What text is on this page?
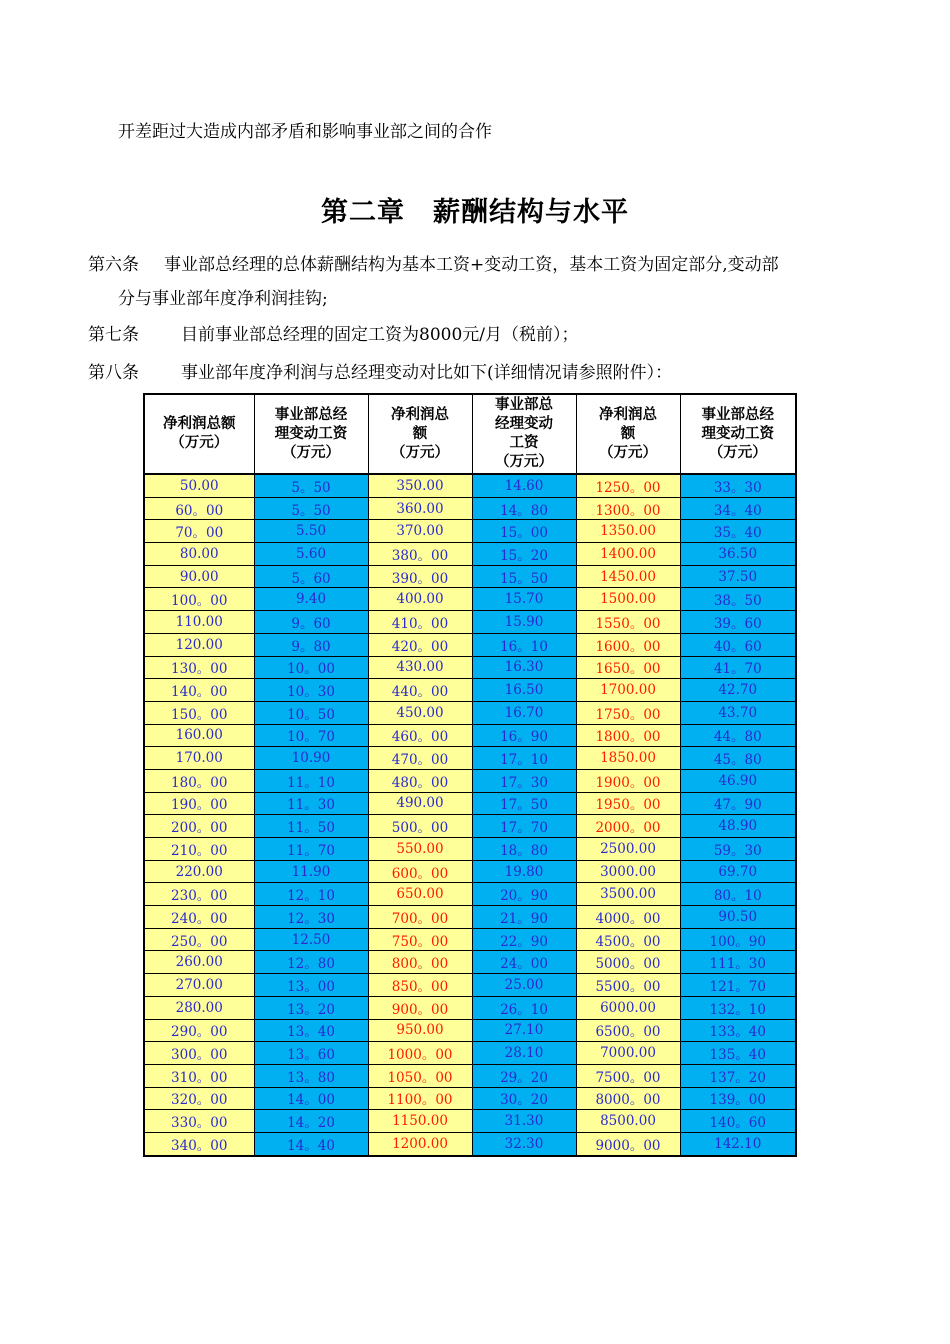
开差距过大造成内部矛盾和影响事业部之间的合作
第二章　薪酬结构与水平
第六条 事业部总经理的总体薪酬结构为基本工资+变动工资，基本工资为固定部分,变动部
分与事业部年度净利润挂钩;
第七条　目前事业部总经理的固定工资为8000元/月（税前）；
第八条　事业部年度净利润与总经理变动对比如下(详细情况请参照附件）：
净利润总额
（万元）	事业部总经
理变动工资
（万元）	净利润总
额
（万元）	事业部总
经理变动
工资
（万元）	净利润总
额
（万元）	事业部总经
理变动工资
（万元）
50.00	5。50	350.00	14.60	1250。00	33。30
60。00	5。50	360.00	14。80	1300。00	34。40
70。00	5.50	370.00	15。00	1350.00	35。40
80.00	5.60	380。00	15。20	1400.00	36.50
90.00	5。60	390。00	15。50	1450.00	37.50
100。00	9.40	400.00	15.70	1500.00	38。50
110.00	9。60	410。00	15.90	1550。00	39。60
120.00	9。80	420。00	16。10	1600。00	40。60
130。00	10。00	430.00	16.30	1650。00	41。70
140。00	10。30	440。00	16.50	1700.00	42.70
150。00	10。50	450.00	16.70	1750。00	43.70
160.00	10。70	460。00	16。90	1800。00	44。80
170.00	10.90	470。00	17。10	1850.00	45。80
180。00	11。10	480。00	17。30	1900。00	46.90
190。00	11。30	490.00	17。50	1950。00	47。90
200。00	11。50	500。00	17。70	2000。00	48.90
210。00	11。70	550.00	18。80	2500.00	59。30
220.00	11.90	600。00	19.80	3000.00	69.70
230。00	12。10	650.00	20。90	3500.00	80。10
240。00	12。30	700。00	21。90	4000。00	90.50
250。00	12.50	750。00	22。90	4500。00	100。90
260.00	12。80	800。00	24。00	5000。00	111。30
270.00	13。00	850。00	25.00	5500。00	121。70
280.00	13。20	900。00	26。10	6000.00	132。10
290。00	13。40	950.00	27.10	6500。00	133。40
300。00	13。60	1000。00	28.10	7000.00	135。40
310。00	13。80	1050。00	29。20	7500。00	137。20
320。00	14。00	1100。00	30。20	8000。00	139。00
330。00	14。20	1150.00	31.30	8500.00	140。60
340。00	14。40	1200.00	32.30	9000。00	142.10
